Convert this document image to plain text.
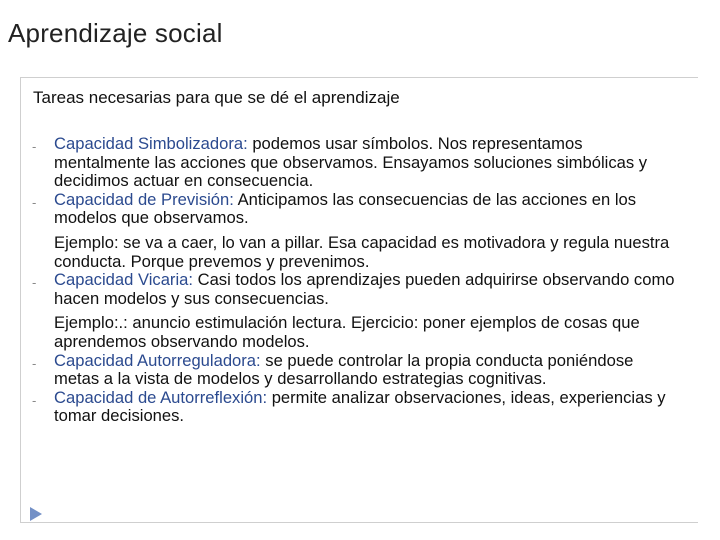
Aprendizaje social
Tareas necesarias para que se dé el aprendizaje
- Capacidad Simbolizadora: podemos usar símbolos. Nos representamos mentalmente las acciones que observamos. Ensayamos soluciones simbólicas y decidimos actuar en consecuencia.
- Capacidad de Previsión: Anticipamos las consecuencias de las acciones en los modelos que observamos.
Ejemplo: se va a caer, lo van a pillar. Esa capacidad es motivadora y regula nuestra conducta. Porque prevemos y prevenimos.
- Capacidad Vicaria: Casi todos los aprendizajes pueden adquirirse observando como hacen modelos y sus consecuencias.
Ejemplo:.: anuncio estimulación lectura. Ejercicio: poner ejemplos de cosas que aprendemos observando modelos.
- Capacidad Autorreguladora: se puede controlar la propia conducta poniéndose metas a la vista de modelos y desarrollando estrategias cognitivas.
- Capacidad de Autorreflexión: permite analizar observaciones, ideas, experiencias y tomar decisiones.
